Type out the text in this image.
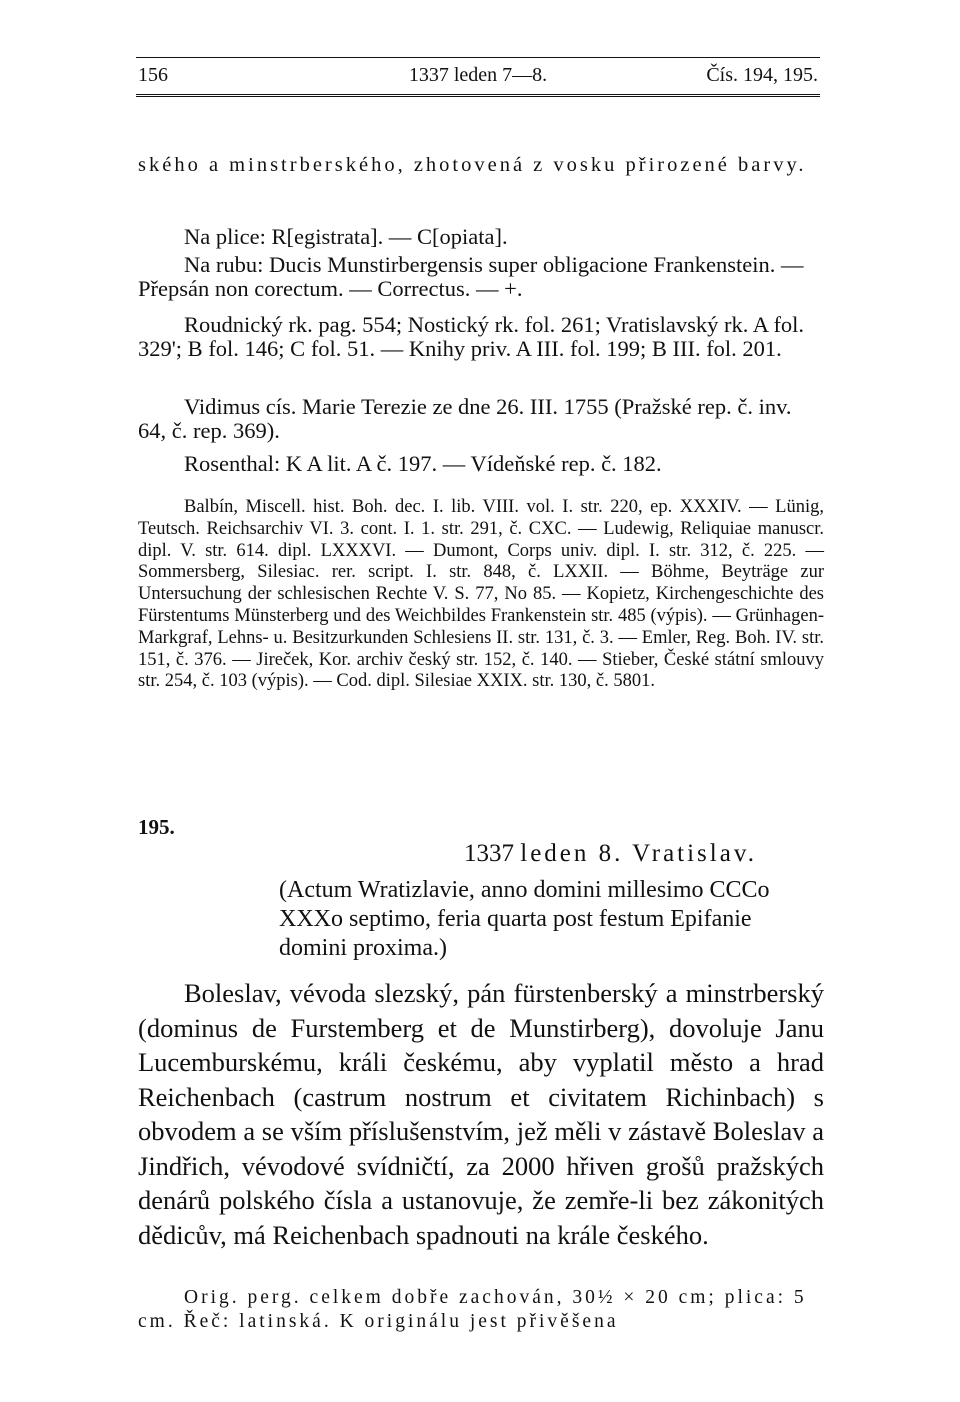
156	1337 leden 7—8.	Čís. 194, 195.

ského a minstrberského, zhotovená z vosku přirozené barvy.

Na plice: R[egistrata]. — C[opiata].

Na rubu: Ducis Munstirbergensis super obligacione Frankenstein. — Přepsán non corectum. — Correctus. — +.

Roudnický rk. pag. 554; Nostický rk. fol. 261; Vratislavský rk. A fol. 329'; B fol. 146; C fol. 51. — Knihy priv. A III. fol. 199; B III. fol. 201.

Vidimus cís. Marie Terezie ze dne 26. III. 1755 (Pražské rep. č. inv. 64, č. rep. 369).

Rosenthal: K A lit. A č. 197. — Vídeňské rep. č. 182.

Balbín, Miscell. hist. Boh. dec. I. lib. VIII. vol. I. str. 220, ep. XXXIV. — Lünig, Teutsch. Reichsarchiv VI. 3. cont. I. 1. str. 291, č. CXC. — Ludewig, Reliquiae manuscr. dipl. V. str. 614. dipl. LXXXVI. — Dumont, Corps univ. dipl. I. str. 312, č. 225. — Sommersberg, Silesiac. rer. script. I. str. 848, č. LXXII. — Böhme, Beyträge zur Untersuchung der schlesischen Rechte V. S. 77, No 85. — Kopietz, Kirchengeschichte des Fürstentums Münsterberg und des Weichbildes Frankenstein str. 485 (výpis). — Grünhagen-Markgraf, Lehns- u. Besitzurkunden Schlesiens II. str. 131, č. 3. — Emler, Reg. Boh. IV. str. 151, č. 376. — Jireček, Kor. archiv český str. 152, č. 140. — Stieber, České státní smlouvy str. 254, č. 103 (výpis). — Cod. dipl. Silesiae XXIX. str. 130, č. 5801.

195.
1337 leden 8. Vratislav.

(Actum Wratizlavie, anno domini millesimo CCCo XXXo septimo, feria quarta post festum Epifanie domini proxima.)

Boleslav, vévoda slezský, pán fürstenberský a minstrberský (dominus de Furstemberg et de Munstirberg), dovoluje Janu Lucemburskému, králi českému, aby vyplatil město a hrad Reichenbach (castrum nostrum et civitatem Richinbach) s obvodem a se vším příslušenstvím, jež měli v zástavě Boleslav a Jindřich, vévodové svídničtí, za 2000 hřiven grošů pražských denárů polského čísla a ustanovuje, že zemře-li bez zákonitých dědicův, má Reichenbach spadnouti na krále českého.

Orig. perg. celkem dobře zachován, 30½ × 20 cm; plica: 5 cm. Řeč: latinská. K originálu jest přivěšena
